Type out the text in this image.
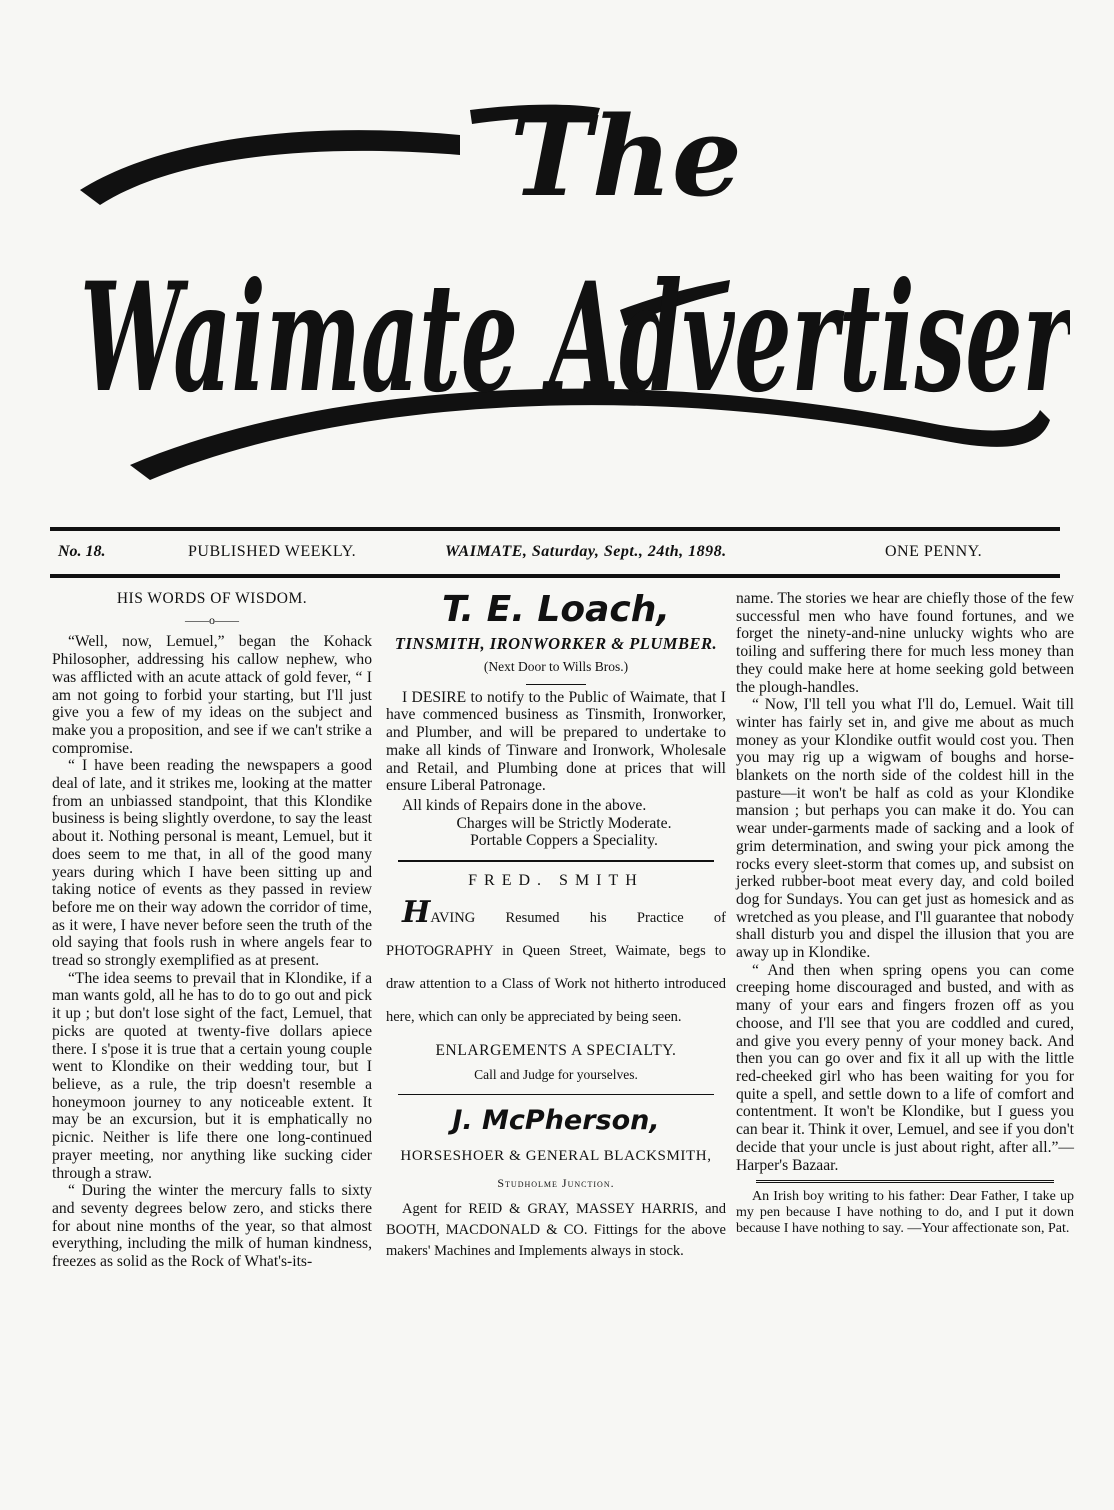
The
Waimate Advertiser
No. 18.	PUBLISHED WEEKLY.	WAIMATE, Saturday, Sept., 24th, 1898.	ONE PENNY.
HIS WORDS OF WISDOM.
——o——

“Well, now, Lemuel,” began the Kohack Philosopher, addressing his callow nephew, who was afflicted with an acute attack of gold fever, “ I am not going to forbid your starting, but I'll just give you a few of my ideas on the subject and make you a proposition, and see if we can't strike a compromise.

“ I have been reading the newspapers a good deal of late, and it strikes me, looking at the matter from an unbiassed standpoint, that this Klondike business is being slightly overdone, to say the least about it. Nothing personal is meant, Lemuel, but it does seem to me that, in all of the good many years during which I have been sitting up and taking notice of events as they passed in review before me on their way adown the corridor of time, as it were, I have never before seen the truth of the old saying that fools rush in where angels fear to tread so strongly exemplified as at present.

“The idea seems to prevail that in Klondike, if a man wants gold, all he has to do to go out and pick it up ; but don't lose sight of the fact, Lemuel, that picks are quoted at twenty-five dollars apiece there. I s'pose it is true that a certain young couple went to Klondike on their wedding tour, but I believe, as a rule, the trip doesn't resemble a honeymoon journey to any noticeable extent. It may be an excursion, but it is emphatically no picnic. Neither is life there one long-continued prayer meeting, nor anything like sucking cider through a straw.

“ During the winter the mercury falls to sixty and seventy degrees below zero, and sticks there for about nine months of the year, so that almost everything, including the milk of human kindness, freezes as solid as the Rock of What's-its-

T. E. Loach,
TINSMITH, IRONWORKER & PLUMBER.
(Next Door to Wills Bros.)

I DESIRE to notify to the Public of Waimate, that I have commenced business as Tinsmith, Ironworker, and Plumber, and will be prepared to undertake to make all kinds of Tinware and Ironwork, Wholesale and Retail, and Plumbing done at prices that will ensure Liberal Patronage.

All kinds of Repairs done in the above.

Charges will be Strictly Moderate.

Portable Coppers a Speciality.

FRED. SMITH

HAVING Resumed his Practice of PHOTOGRAPHY in Queen Street, Waimate, begs to draw attention to a Class of Work not hitherto introduced here, which can only be appreciated by being seen.

ENLARGEMENTS A SPECIALTY.
Call and Judge for yourselves.
J. McPherson,
HORSESHOER & GENERAL BLACKSMITH,
Studholme Junction.

Agent for REID & GRAY, MASSEY HARRIS, and BOOTH, MACDONALD & CO. Fittings for the above makers' Machines and Implements always in stock.

name. The stories we hear are chiefly those of the few successful men who have found fortunes, and we forget the ninety-and-nine unlucky wights who are toiling and suffering there for much less money than they could make here at home seeking gold between the plough-handles.

“ Now, I'll tell you what I'll do, Lemuel. Wait till winter has fairly set in, and give me about as much money as your Klondike outfit would cost you. Then you may rig up a wigwam of boughs and horse-blankets on the north side of the coldest hill in the pasture—it won't be half as cold as your Klondike mansion ; but perhaps you can make it do. You can wear under-garments made of sacking and a look of grim determination, and swing your pick among the rocks every sleet-storm that comes up, and subsist on jerked rubber-boot meat every day, and cold boiled dog for Sundays. You can get just as homesick and as wretched as you please, and I'll guarantee that nobody shall disturb you and dispel the illusion that you are away up in Klondike.

“ And then when spring opens you can come creeping home discouraged and busted, and with as many of your ears and fingers frozen off as you choose, and I'll see that you are coddled and cured, and give you every penny of your money back. And then you can go over and fix it all up with the little red-cheeked girl who has been waiting for you for quite a spell, and settle down to a life of comfort and contentment. It won't be Klondike, but I guess you can bear it. Think it over, Lemuel, and see if you don't decide that your uncle is just about right, after all.”—Harper's Bazaar.

An Irish boy writing to his father: Dear Father, I take up my pen because I have nothing to do, and I put it down because I have nothing to say. —Your affectionate son, Pat.
